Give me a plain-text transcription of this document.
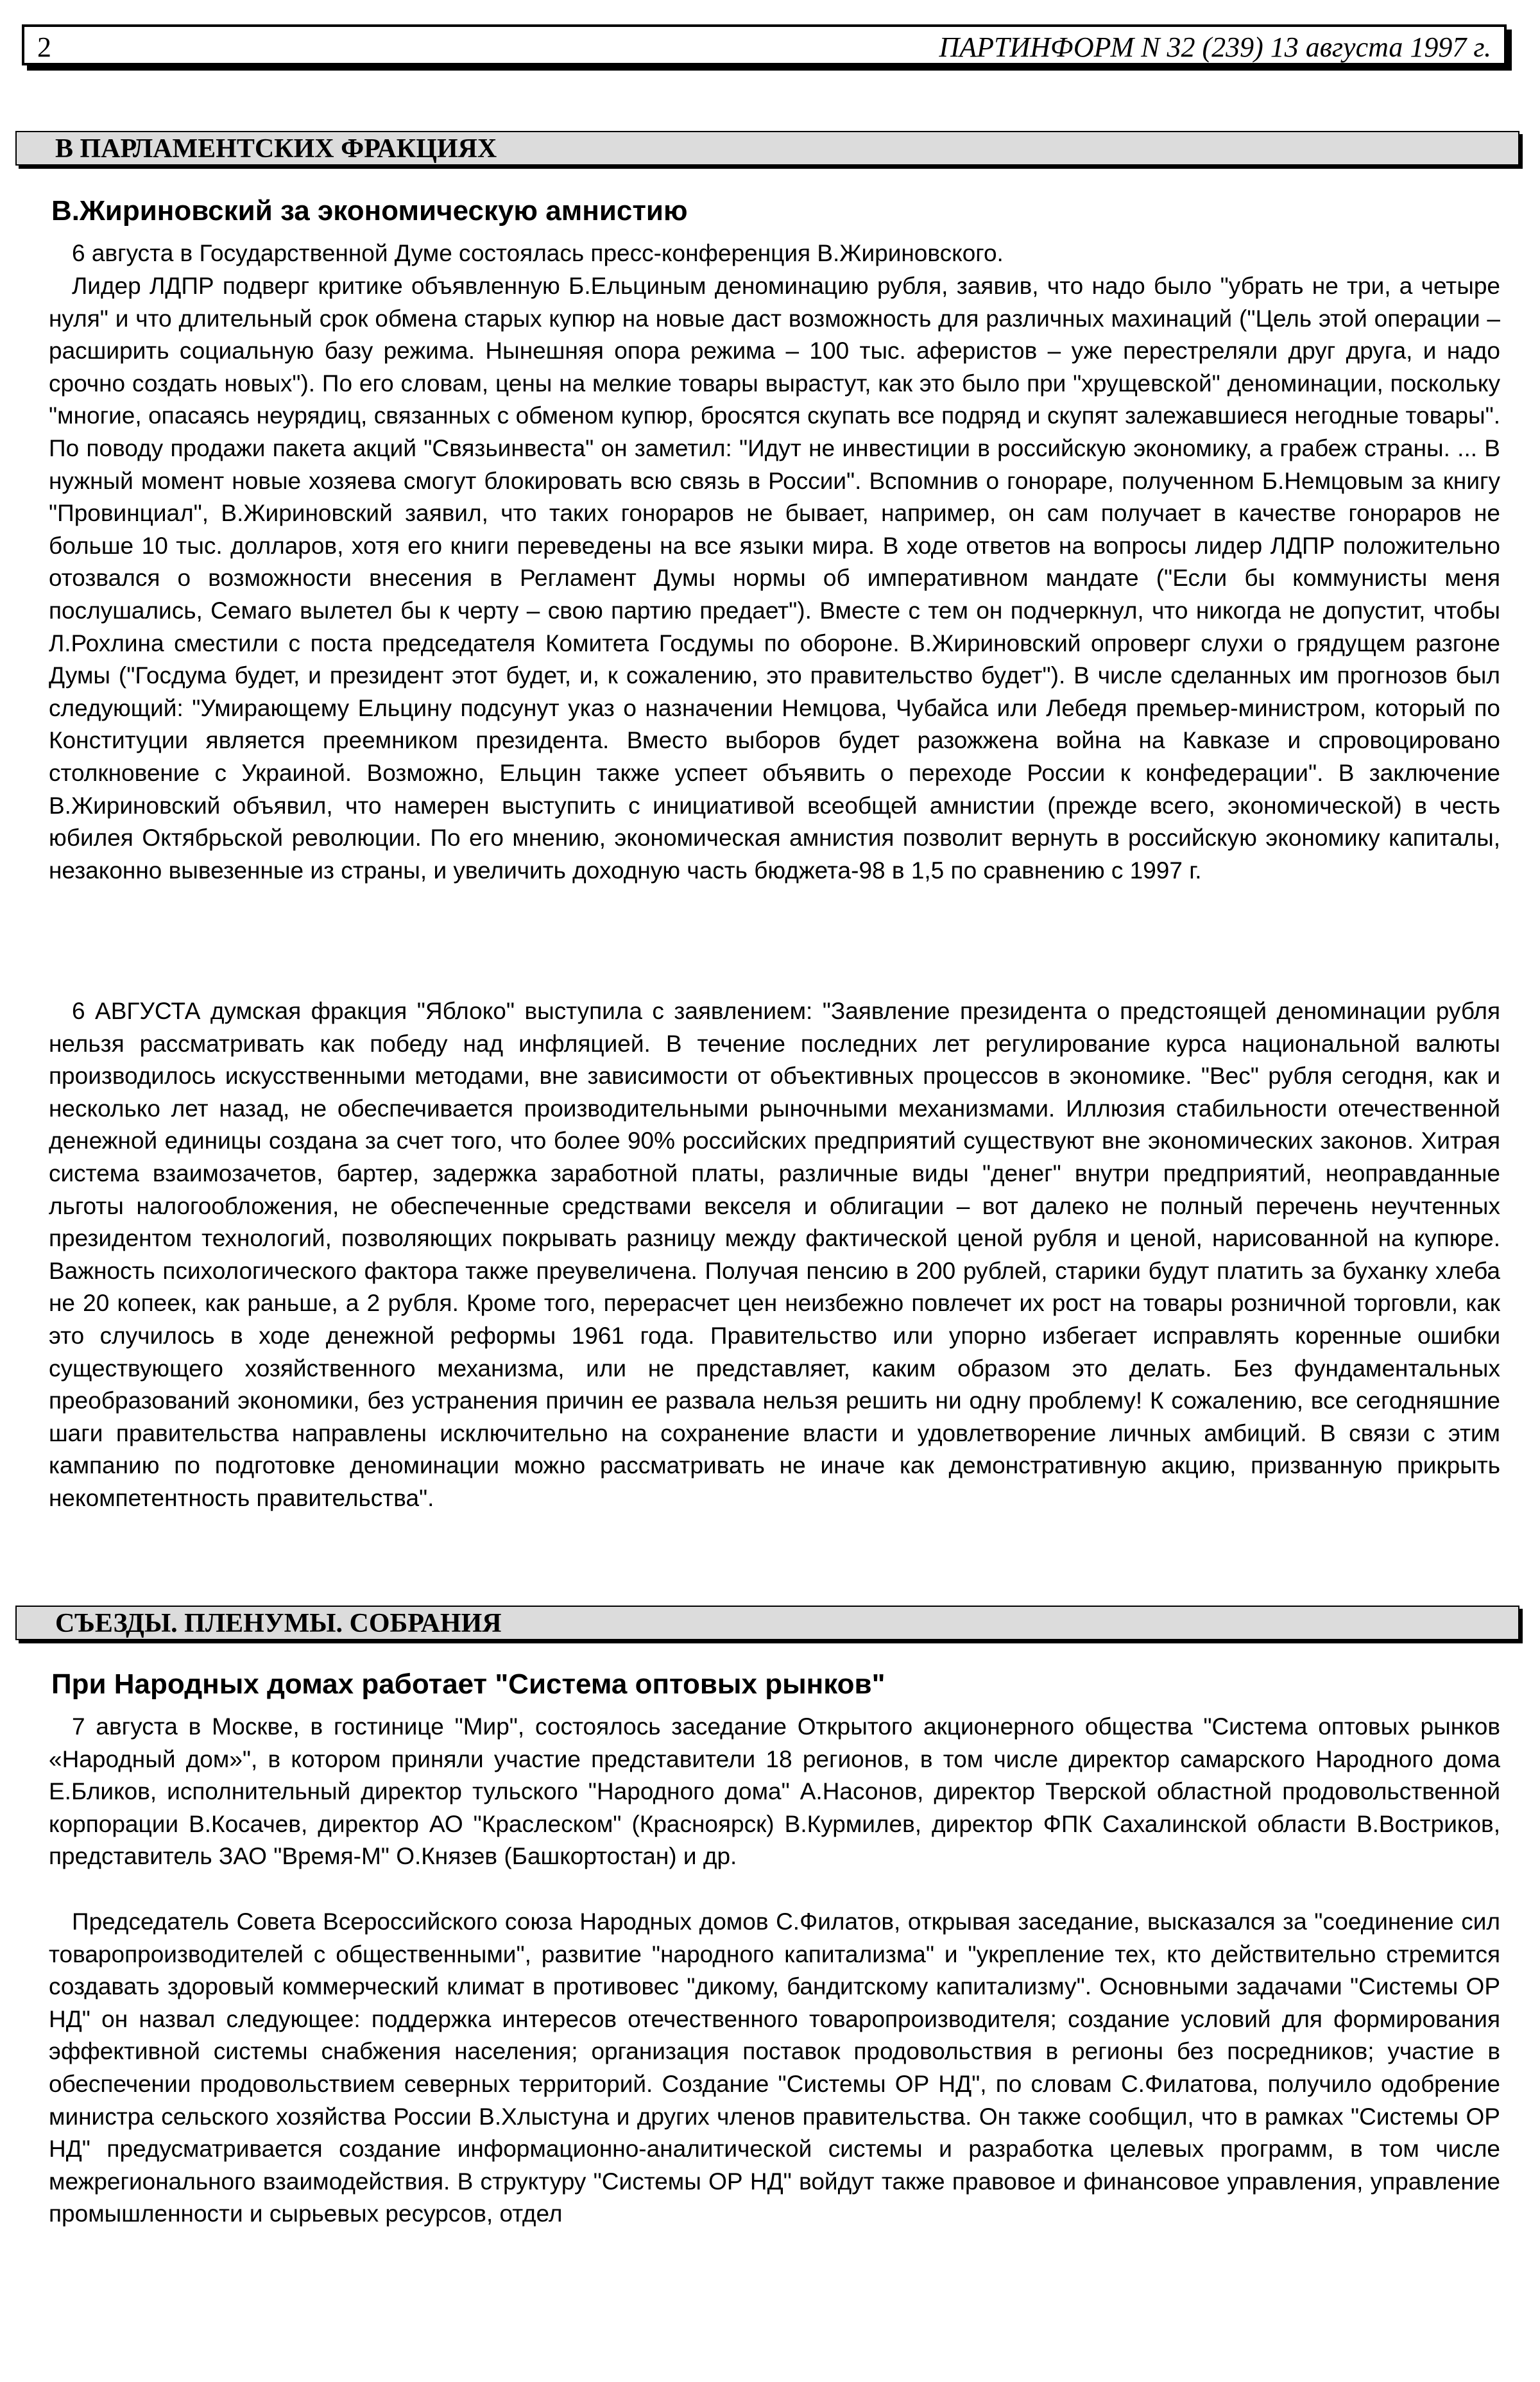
2	ПАРТИНФОРМ N 32 (239) 13 августа 1997 г.
В ПАРЛАМЕНТСКИХ ФРАКЦИЯХ
В.Жириновский за экономическую амнистию

6 августа в Государственной Думе состоялась пресс-конференция В.Жириновского.

Лидер ЛДПР подверг критике объявленную Б.Ельциным деноминацию рубля, заявив, что надо было "убрать не три, а четыре нуля" и что длительный срок обмена старых купюр на новые даст возможность для различных махинаций ("Цель этой операции – расширить социальную базу режима. Нынешняя опора режима – 100 тыс. аферистов – уже перестреляли друг друга, и надо срочно создать новых"). По его словам, цены на мелкие товары вырастут, как это было при "хрущевской" деноминации, поскольку "многие, опасаясь неурядиц, связанных с обменом купюр, бросятся скупать все подряд и скупят залежавшиеся негодные товары". По поводу продажи пакета акций "Связьинвеста" он заметил: "Идут не инвестиции в российскую экономику, а грабеж страны. ... В нужный момент новые хозяева смогут блокировать всю связь в России". Вспомнив о гонораре, полученном Б.Немцовым за книгу "Провинциал", В.Жириновский заявил, что таких гонораров не бывает, например, он сам получает в качестве гонораров не больше 10 тыс. долларов, хотя его книги переведены на все языки мира. В ходе ответов на вопросы лидер ЛДПР положительно отозвался о возможности внесения в Регламент Думы нормы об императивном мандате ("Если бы коммунисты меня послушались, Семаго вылетел бы к черту – свою партию предает"). Вместе с тем он подчеркнул, что никогда не допустит, чтобы Л.Рохлина сместили с поста председателя Комитета Госдумы по обороне. В.Жириновский опроверг слухи о грядущем разгоне Думы ("Госдума будет, и президент этот будет, и, к сожалению, это правительство будет"). В числе сделанных им прогнозов был следующий: "Умирающему Ельцину подсунут указ о назначении Немцова, Чубайса или Лебедя премьер-министром, который по Конституции является преемником президента. Вместо выборов будет разожжена война на Кавказе и спровоцировано столкновение с Украиной. Возможно, Ельцин также успеет объявить о переходе России к конфедерации". В заключение В.Жириновский объявил, что намерен выступить с инициативой всеобщей амнистии (прежде всего, экономической) в честь юбилея Октябрьской революции. По его мнению, экономическая амнистия позволит вернуть в российскую экономику капиталы, незаконно вывезенные из страны, и увеличить доходную часть бюджета-98 в 1,5 по сравнению с 1997 г.

6 АВГУСТА думская фракция "Яблоко" выступила с заявлением: "Заявление президента о предстоящей деноминации рубля нельзя рассматривать как победу над инфляцией. В течение последних лет регулирование курса национальной валюты производилось искусственными методами, вне зависимости от объективных процессов в экономике. "Вес" рубля сегодня, как и несколько лет назад, не обеспечивается производительными рыночными механизмами. Иллюзия стабильности отечественной денежной единицы создана за счет того, что более 90% российских предприятий существуют вне экономических законов. Хитрая система взаимозачетов, бартер, задержка заработной платы, различные виды "денег" внутри предприятий, неоправданные льготы налогообложения, не обеспеченные средствами векселя и облигации – вот далеко не полный перечень неучтенных президентом технологий, позволяющих покрывать разницу между фактической ценой рубля и ценой, нарисованной на купюре. Важность психологического фактора также преувеличена. Получая пенсию в 200 рублей, старики будут платить за буханку хлеба не 20 копеек, как раньше, а 2 рубля. Кроме того, перерасчет цен неизбежно повлечет их рост на товары розничной торговли, как это случилось в ходе денежной реформы 1961 года. Правительство или упорно избегает исправлять коренные ошибки существующего хозяйственного механизма, или не представляет, каким образом это делать. Без фундаментальных преобразований экономики, без устранения причин ее развала нельзя решить ни одну проблему! К сожалению, все сегодняшние шаги правительства направлены исключительно на сохранение власти и удовлетворение личных амбиций. В связи с этим кампанию по подготовке деноминации можно рассматривать не иначе как демонстративную акцию, призванную прикрыть некомпетентность правительства".

СЪЕЗДЫ. ПЛЕНУМЫ. СОБРАНИЯ
При Народных домах работает "Система оптовых рынков"

7 августа в Москве, в гостинице "Мир", состоялось заседание Открытого акционерного общества "Система оптовых рынков «Народный дом»", в котором приняли участие представители 18 регионов, в том числе директор самарского Народного дома Е.Бликов, исполнительный директор тульского "Народного дома" А.Насонов, директор Тверской областной продовольственной корпорации В.Косачев, директор АО "Краслеском" (Красноярск) В.Курмилев, директор ФПК Сахалинской области В.Востриков, представитель ЗАО "Время-М" О.Князев (Башкортостан) и др.

Председатель Совета Всероссийского союза Народных домов С.Филатов, открывая заседание, высказался за "соединение сил товаропроизводителей с общественными", развитие "народного капитализма" и "укрепление тех, кто действительно стремится создавать здоровый коммерческий климат в противовес "дикому, бандитскому капитализму". Основными задачами "Системы ОР НД" он назвал следующее: поддержка интересов отечественного товаропроизводителя; создание условий для формирования эффективной системы снабжения населения; организация поставок продовольствия в регионы без посредников; участие в обеспечении продовольствием северных территорий. Создание "Системы ОР НД", по словам С.Филатова, получило одобрение министра сельского хозяйства России В.Хлыстуна и других членов правительства. Он также сообщил, что в рамках "Системы ОР НД" предусматривается создание информационно-аналитической системы и разработка целевых программ, в том числе межрегионального взаимодействия. В структуру "Системы ОР НД" войдут также правовое и финансовое управления, управление промышленности и сырьевых ресурсов, отдел
